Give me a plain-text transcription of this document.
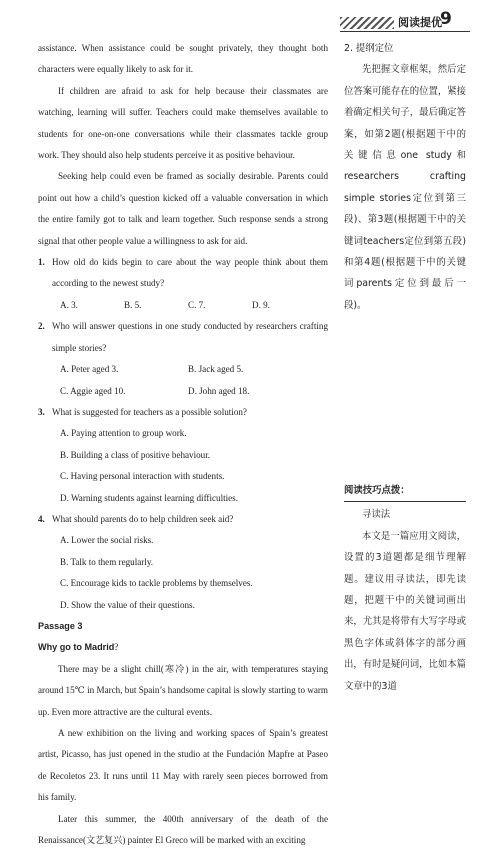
阅读提优
9

assistance. When assistance could be sought privately, they thought both characters were equally likely to ask for it.

If children are afraid to ask for help because their classmates are watching, learning will suffer. Teachers could make themselves available to students for one-on-one conversations while their classmates tackle group work. They should also help students perceive it as positive behaviour.

Seeking help could even be framed as socially desirable. Parents could point out how a child’s question kicked off a valuable conversation in which the entire family got to talk and learn together. Such response sends a strong signal that other people value a willingness to ask for aid.

1. How old do kids begin to care about the way people think about them according to the newest study?

A. 3.	B. 5.	C. 7.	D. 9.

2. Who will answer questions in one study conducted by researchers crafting simple stories?

A. Peter aged 3.	B. Jack aged 5.
C. Aggie aged 10.	D. John aged 18.

3. What is suggested for teachers as a possible solution?

A. Paying attention to group work.

B. Building a class of positive behaviour.

C. Having personal interaction with students.

D. Warning students against learning difficulties.

4. What should parents do to help children seek aid?

A. Lower the social risks.

B. Talk to them regularly.

C. Encourage kids to tackle problems by themselves.

D. Show the value of their questions.

Passage 3

Why go to Madrid?

There may be a slight chill(寒冷) in the air, with temperatures staying around 15℃ in March, but Spain’s handsome capital is slowly starting to warm up. Even more attractive are the cultural events.

A new exhibition on the living and working spaces of Spain’s greatest artist, Picasso, has just opened in the studio at the Fundación Mapfre at Paseo de Recoletos 23. It runs until 11 May with rarely seen pieces borrowed from his family.

Later this summer, the 400th anniversary of the death of the Renaissance(文艺复兴) painter El Greco will be marked with an exciting

2. 提纲定位

先把握文章框架，然后定位答案可能存在的位置，紧接着确定相关句子，最后确定答案，如第2题(根据题干中的关键信息one study和researchers crafting simple stories定位到第三段)、第3题(根据题干中的关键词teachers定位到第五段)和第4题(根据题干中的关键词parents定位到最后一段)。

阅读技巧点拨：

寻读法

本文是一篇应用文阅读，设置的3道题都是细节理解题。建议用寻读法，即先读题，把题干中的关键词画出来，尤其是将带有大写字母或黑色字体或斜体字的部分画出，有时是疑问词，比如本篇文章中的3道
